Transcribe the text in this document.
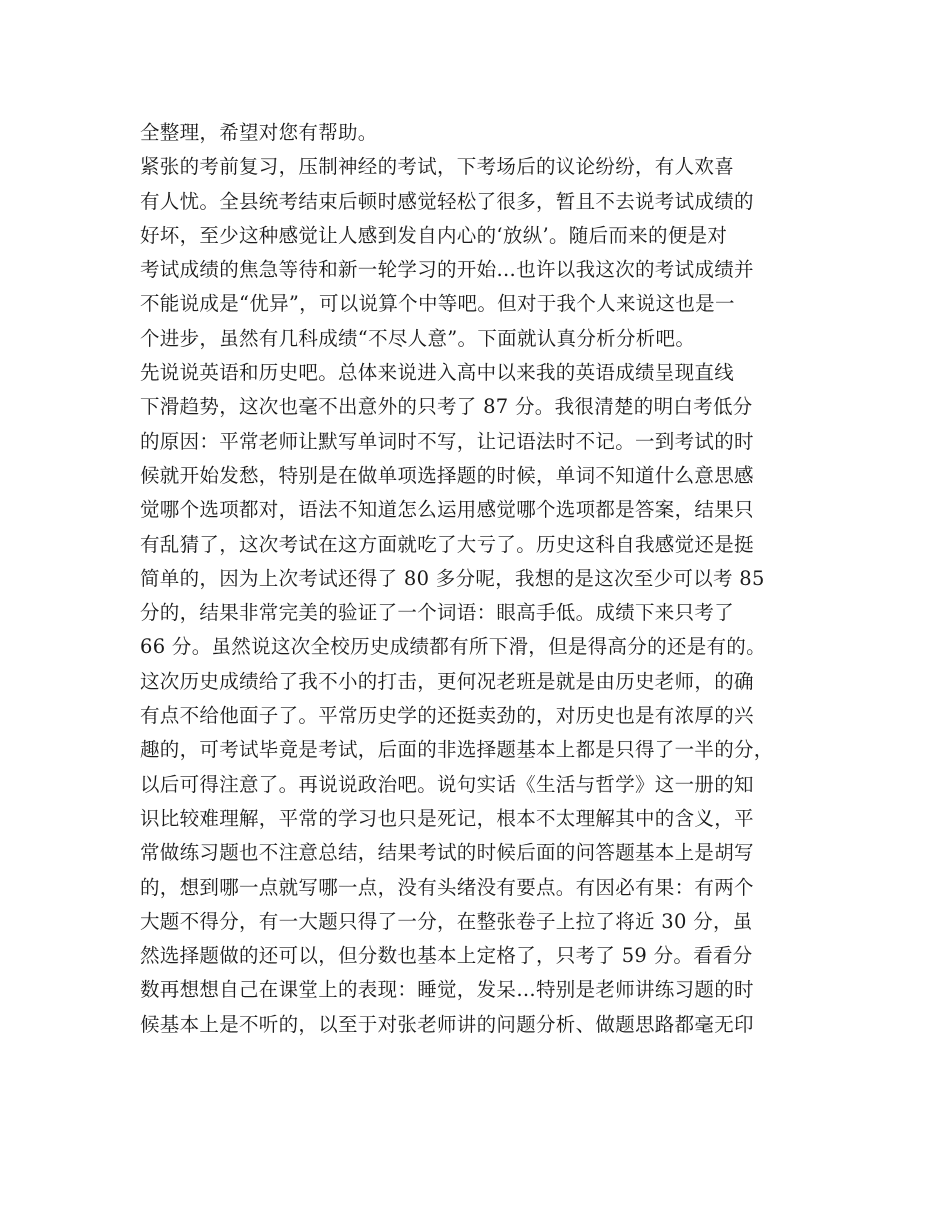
全整理，希望对您有帮助。
紧张的考前复习，压制神经的考试，下考场后的议论纷纷，有人欢喜
有人忧。全县统考结束后顿时感觉轻松了很多，暂且不去说考试成绩的
好坏，至少这种感觉让人感到发自内心的‘放纵’。随后而来的便是对
考试成绩的焦急等待和新一轮学习的开始…也许以我这次的考试成绩并
不能说成是“优异”，可以说算个中等吧。但对于我个人来说这也是一
个进步，虽然有几科成绩“不尽人意”。下面就认真分析分析吧。
先说说英语和历史吧。总体来说进入高中以来我的英语成绩呈现直线
下滑趋势，这次也毫不出意外的只考了 87 分。我很清楚的明白考低分
的原因：平常老师让默写单词时不写，让记语法时不记。一到考试的时
候就开始发愁，特别是在做单项选择题的时候，单词不知道什么意思感
觉哪个选项都对，语法不知道怎么运用感觉哪个选项都是答案，结果只
有乱猜了，这次考试在这方面就吃了大亏了。历史这科自我感觉还是挺
简单的，因为上次考试还得了 80 多分呢，我想的是这次至少可以考 85
分的，结果非常完美的验证了一个词语：眼高手低。成绩下来只考了
66 分。虽然说这次全校历史成绩都有所下滑，但是得高分的还是有的。
这次历史成绩给了我不小的打击，更何况老班是就是由历史老师，的确
有点不给他面子了。平常历史学的还挺卖劲的，对历史也是有浓厚的兴
趣的，可考试毕竟是考试，后面的非选择题基本上都是只得了一半的分，
以后可得注意了。再说说政治吧。说句实话《生活与哲学》这一册的知
识比较难理解，平常的学习也只是死记，根本不太理解其中的含义，平
常做练习题也不注意总结，结果考试的时候后面的问答题基本上是胡写
的，想到哪一点就写哪一点，没有头绪没有要点。有因必有果：有两个
大题不得分，有一大题只得了一分，在整张卷子上拉了将近 30 分，虽
然选择题做的还可以，但分数也基本上定格了，只考了 59 分。看看分
数再想想自己在课堂上的表现：睡觉，发呆…特别是老师讲练习题的时
候基本上是不听的，以至于对张老师讲的问题分析、做题思路都毫无印
